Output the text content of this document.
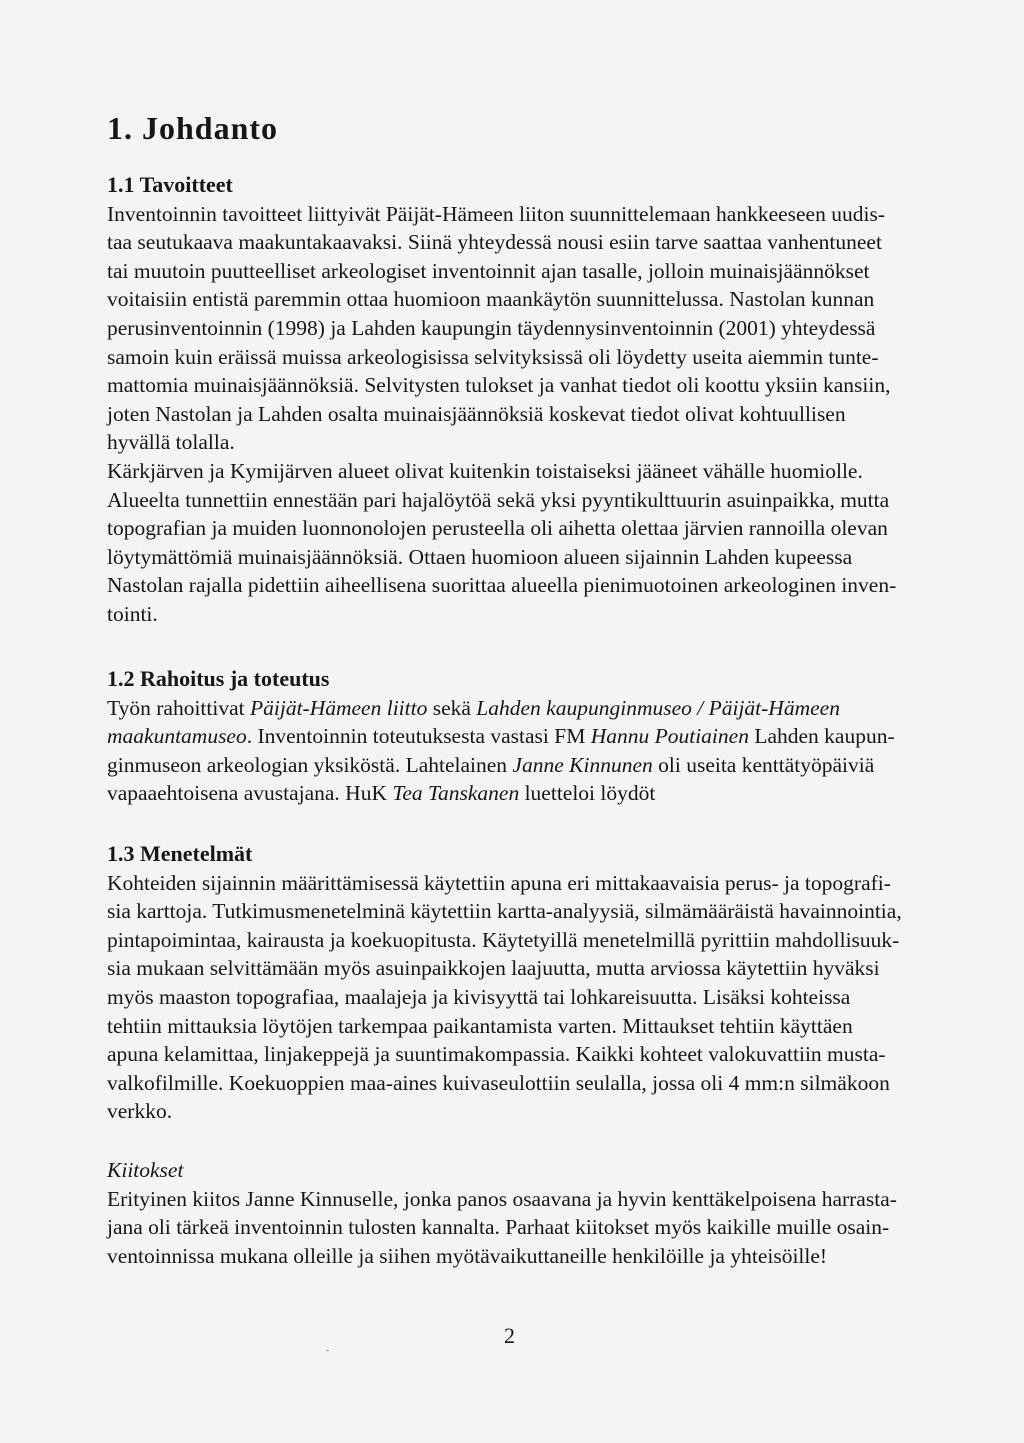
1. Johdanto
1.1 Tavoitteet
Inventoinnin tavoitteet liittyivät Päijät-Hämeen liiton suunnittelemaan hankkeeseen uudis-
taa seutukaava maakuntakaavaksi. Siinä yhteydessä nousi esiin tarve saattaa vanhentuneet
tai muutoin puutteelliset arkeologiset inventoinnit ajan tasalle, jolloin muinaisjäännökset
voitaisiin entistä paremmin ottaa huomioon maankäytön suunnittelussa. Nastolan kunnan
perusinventoinnin (1998) ja Lahden kaupungin täydennysinventoinnin (2001) yhteydessä
samoin kuin eräissä muissa arkeologisissa selvityksissä oli löydetty useita aiemmin tunte-
mattomia muinaisjäännöksiä. Selvitysten tulokset ja vanhat tiedot oli koottu yksiin kansiin,
joten Nastolan ja Lahden osalta muinaisjäännöksiä koskevat tiedot olivat kohtuullisen
hyvällä tolalla.
Kärkjärven ja Kymijärven alueet olivat kuitenkin toistaiseksi jääneet vähälle huomiolle.
Alueelta tunnettiin ennestään pari hajalöytöä sekä yksi pyyntikulttuurin asuinpaikka, mutta
topografian ja muiden luonnonolojen perusteella oli aihetta olettaa järvien rannoilla olevan
löytymättömiä muinaisjäännöksiä. Ottaen huomioon alueen sijainnin Lahden kupeessa
Nastolan rajalla pidettiin aiheellisena suorittaa alueella pienimuotoinen arkeologinen inven-
tointi.
1.2 Rahoitus ja toteutus
Työn rahoittivat Päijät-Hämeen liitto sekä Lahden kaupunginmuseo / Päijät-Hämeen
maakuntamuseo. Inventoinnin toteutuksesta vastasi FM Hannu Poutiainen Lahden kaupun-
ginmuseon arkeologian yksiköstä. Lahtelainen Janne Kinnunen oli useita kenttätyöpäiviä
vapaaehtoisena avustajana. HuK Tea Tanskanen luetteloi löydöt
1.3 Menetelmät
Kohteiden sijainnin määrittämisessä käytettiin apuna eri mittakaavaisia perus- ja topografi-
sia karttoja. Tutkimusmenetelminä käytettiin kartta-analyysiä, silmämääräistä havainnointia,
pintapoimintaa, kairausta ja koekuopitusta. Käytetyillä menetelmillä pyrittiin mahdollisuuk-
sia mukaan selvittämään myös asuinpaikkojen laajuutta, mutta arviossa käytettiin hyväksi
myös maaston topografiaa, maalajeja ja kivisyyttä tai lohkareisuutta. Lisäksi kohteissa
tehtiin mittauksia löytöjen tarkempaa paikantamista varten. Mittaukset tehtiin käyttäen
apuna kelamittaa, linjakeppejä ja suuntimakompassia. Kaikki kohteet valokuvattiin musta-
valkofilmille. Koekuoppien maa-aines kuivaseulottiin seulalla, jossa oli 4 mm:n silmäkoon
verkko.
Kiitokset
Erityinen kiitos Janne Kinnuselle, jonka panos osaavana ja hyvin kenttäkelpoisena harrasta-
jana oli tärkeä inventoinnin tulosten kannalta. Parhaat kiitokset myös kaikille muille osain-
ventoinnissa mukana olleille ja siihen myötävaikuttaneille henkilöille ja yhteisöille!
2
